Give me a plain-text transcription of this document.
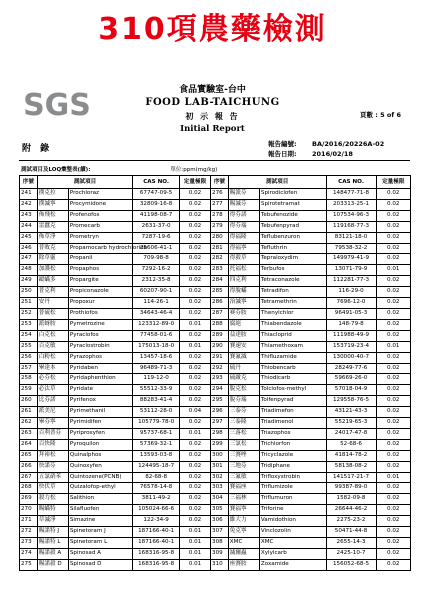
310項農藥檢測
SGS	食品實驗室-台中
FOOD LAB-TAICHUNG
初 示 報 告
Initial Report
頁數 : 5 of 6
附 錄	報告編號:	BA/2016/20226A-02
報告日期:	2016/02/18
測試項目及LOQ彙整表(續):	單位:ppm(mg/kg)
序號	測試項目		CAS NO.	定量極限	序號	測試項目		CAS NO.	定量極限
241	撲克拉	Prochloraz	67747-09-5	0.02	276	賜派芬	Spirodiclofen	148477-71-8	0.02
242	撲滅寧	Procymidone	32809-16-8	0.02	277	賜滅芬	Spirotetramat	203313-25-1	0.02
243	佈飛松	Profenofos	41198-08-7	0.02	278	得芬諾	Tebufenozide	107534-96-3	0.02
244	雷蠶克	Promecarb	2631-37-0	0.02	279	得芬瑞	Tebufenpyrad	119168-77-3	0.02
245	佈草淨	Prometryn	7287-19-6	0.02	280	得福隆	Teflubenzuron	83121-18-0	0.02
246	普敗克	Propamocarb hydrochloride	25606-41-1	0.02	281	得福寧	Tefluthrin	79538-32-2	0.02
247	除草靈	Propanil	709-98-8	0.02	282	得殺草	Tepraloxydim	149979-41-9	0.02
248	加護松	Propaphos	7292-16-2	0.02	283	托福松	Terbufos	13071-79-9	0.01
249	毆蟎多	Propargite	2312-35-8	0.02	284	四克利	Tetraconazole	112281-77-3	0.02
250	普克利	Propiconazole	60207-90-1	0.02	285	得脫蟎	Tetradifon	116-29-0	0.02
251	安丹	Propoxur	114-26-1	0.02	286	治滅寧	Tetramethrin	7696-12-0	0.02
252	普硫松	Prothiofos	34643-46-4	0.02	287	赛芬胺	Thenylchlor	96491-05-3	0.02
253	派蚜胺	Pymetrozine	123312-89-0	0.01	288	腐絕	Thiabendazole	148-79-8	0.02
254	白克松	Pyraclofos	77458-01-6	0.02	289	益達胺	Thiacloprid	111988-49-9	0.02
255	百克敏	Pyraclostrobin	175013-18-0	0.01	290	賽速安	Thiamethoxam	153719-23-4	0.01
256	白粉松	Pyrazophos	13457-18-6	0.02	291	賽氟滅	Thifluzamide	130000-40-7	0.02
257	畢達本	Pyridaben	96489-71-3	0.02	292	硫丹	Thiobencarb	28249-77-6	0.02
258	必芬松	Pyridaphenthion	119-12-0	0.02	293	硫敵克	Thiodicarb	59669-26-0	0.02
259	必汰草	Pyridate	55512-33-9	0.02	294	脫克松	Tolclofos-methyl	57018-04-9	0.02
260	比芬諾	Pyrifenox	88283-41-4	0.02	295	脫芬瑞	Tolfenpyrad	129558-76-5	0.02
261	派美尼	Pyrimethanil	53112-28-0	0.04	296	三泰芬	Triadimefon	43121-43-3	0.02
262	畢芬寧	Pyrimidifen	105779-78-0	0.02	297	三泰隆	Triadimenol	55219-65-3	0.02
263	百利普芬	Pyriproxyfen	95737-68-1	0.01	298	三落松	Triazophos	24017-47-8	0.02
264	百快隆	Pyroquilon	57369-32-1	0.02	299	三氯松	Trichlorfon	52-68-6	0.02
265	拜裕松	Quinalphos	13593-03-8	0.02	300	三賽唑	Tricyclazole	41814-78-2	0.02
266	快諾芬	Quinoxyfen	124495-18-7	0.02	301	三地芬	Tridiphane	58138-08-2	0.02
267	五氯硝苯	Quintozene(PCNB)	82-68-8	0.02	302	三氟敏	Trifloxystrobin	141517-21-7	0.01
268	快伏草	Quizalofop-ethyl	76578-14-8	0.02	303	賽福座	Triflumizole	99387-89-0	0.02
269	殺力松	Salithion	3811-49-2	0.02	304	三福林	Triflumuron	1582-09-8	0.02
270	賜蟎特	Silafluofen	105024-66-6	0.02	305	賽福寧	Triforine	26644-46-2	0.02
271	草滅淨	Simazine	122-34-9	0.02	306	維大力	Vamidothion	2275-23-2	0.02
272	賜諾特 J	Spinetoram J	187166-40-1	0.01	307	免克寧	Vinclozolin	50471-44-8	0.02
273	賜諾特 L	Spinetoram L	187166-40-1	0.01	308	XMC	XMC	2655-14-3	0.02
274	賜諾殺 A	Spinosad A	168316-95-8	0.01	309	滅爾蟲	Xylylcarb	2425-10-7	0.02
275	賜諾殺 D	Spinosad D	168316-95-8	0.01	310	座賽胺	Zoxamide	156052-68-5	0.02
